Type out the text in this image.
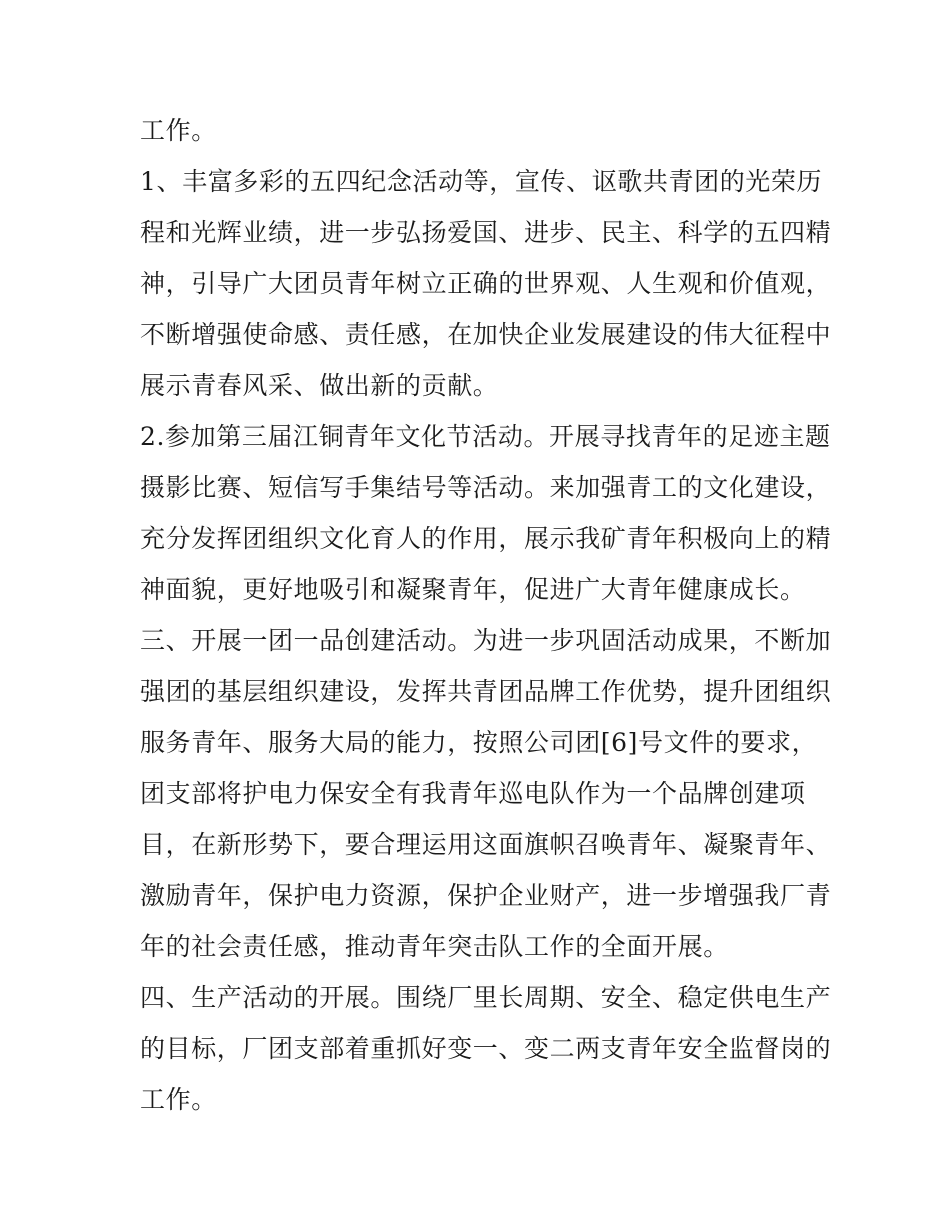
工作。
1、丰富多彩的五四纪念活动等，宣传、讴歌共青团的光荣历
程和光辉业绩，进一步弘扬爱国、进步、民主、科学的五四精
神，引导广大团员青年树立正确的世界观、人生观和价值观，
不断增强使命感、责任感，在加快企业发展建设的伟大征程中
展示青春风采、做出新的贡献。
2.参加第三届江铜青年文化节活动。开展寻找青年的足迹主题
摄影比赛、短信写手集结号等活动。来加强青工的文化建设，
充分发挥团组织文化育人的作用，展示我矿青年积极向上的精
神面貌，更好地吸引和凝聚青年，促进广大青年健康成长。
三、开展一团一品创建活动。为进一步巩固活动成果，不断加
强团的基层组织建设，发挥共青团品牌工作优势，提升团组织
服务青年、服务大局的能力，按照公司团[6]号文件的要求，
团支部将护电力保安全有我青年巡电队作为一个品牌创建项
目，在新形势下，要合理运用这面旗帜召唤青年、凝聚青年、
激励青年，保护电力资源，保护企业财产，进一步增强我厂青
年的社会责任感，推动青年突击队工作的全面开展。
四、生产活动的开展。围绕厂里长周期、安全、稳定供电生产
的目标，厂团支部着重抓好变一、变二两支青年安全监督岗的
工作。
